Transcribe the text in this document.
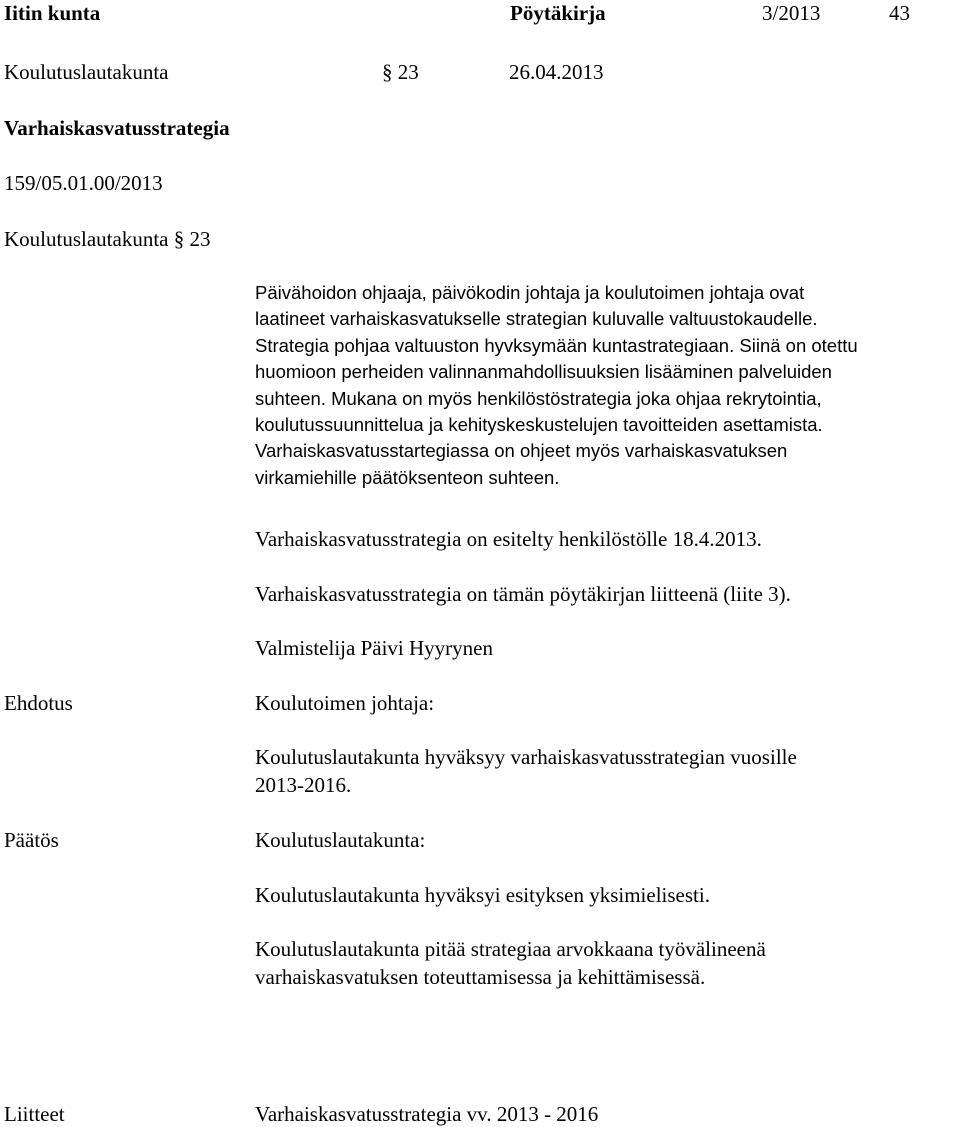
Iitin kunta	Pöytäkirja	3/2013	43
Koulutuslautakunta	§ 23	26.04.2013
Varhaiskasvatusstrategia
159/05.01.00/2013
Koulutuslautakunta § 23
Päivähoidon ohjaaja, päivökodin johtaja ja koulutoimen johtaja ovat
laatineet varhaiskasvatukselle strategian kuluvalle valtuustokaudelle.
Strategia pohjaa valtuuston hyvksymään kuntastrategiaan. Siinä on otettu
huomioon perheiden valinnanmahdollisuuksien lisääminen palveluiden
suhteen. Mukana on myös henkilöstöstrategia joka ohjaa rekrytointia,
koulutussuunnittelua ja kehityskeskustelujen tavoitteiden asettamista.
Varhaiskasvatusstartegiassa on ohjeet myös varhaiskasvatuksen
virkamiehille päätöksenteon suhteen.
Varhaiskasvatusstrategia on esitelty henkilöstölle 18.4.2013.
Varhaiskasvatusstrategia on tämän pöytäkirjan liitteenä (liite 3).
Valmistelija Päivi Hyyrynen
Ehdotus	Koulutoimen johtaja:
Koulutuslautakunta hyväksyy varhaiskasvatusstrategian vuosille
2013-2016.
Päätös	Koulutuslautakunta:
Koulutuslautakunta hyväksyi esityksen yksimielisesti.
Koulutuslautakunta pitää strategiaa arvokkaana työvälineenä
varhaiskasvatuksen toteuttamisessa ja kehittämisessä.
Liitteet	Varhaiskasvatusstrategia vv. 2013 - 2016
